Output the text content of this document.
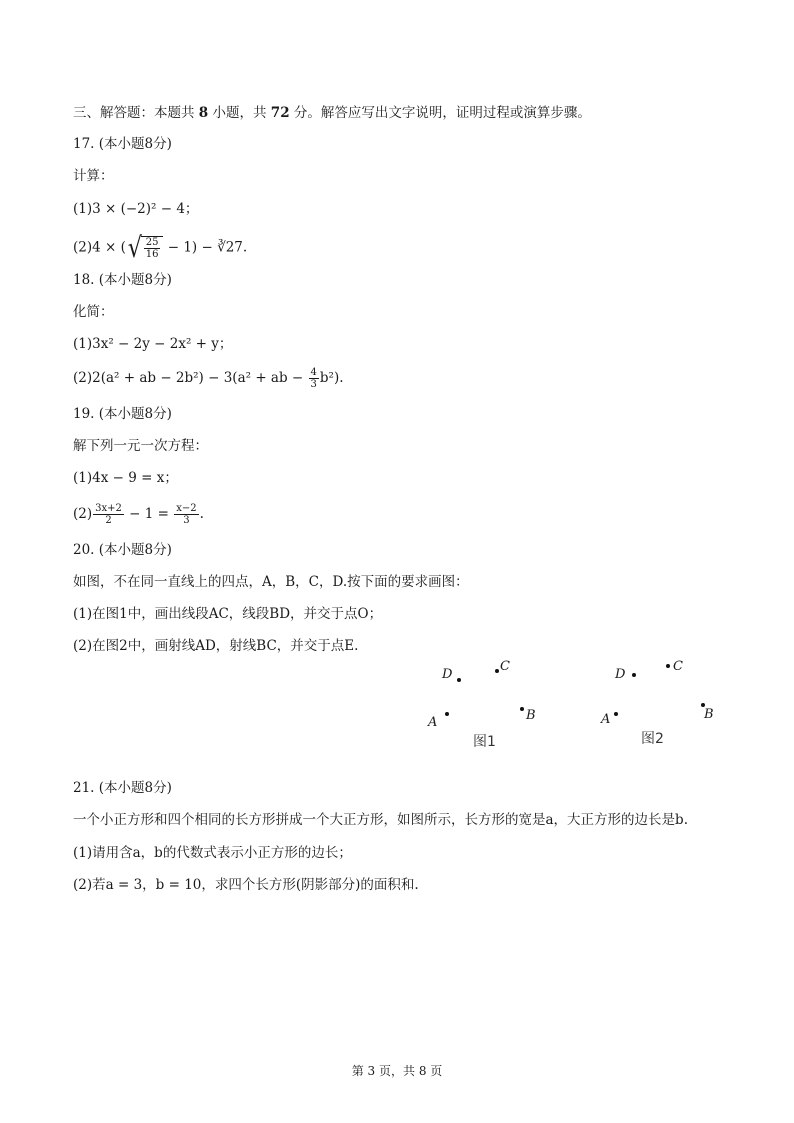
三、解答题：本题共 8 小题，共 72 分。解答应写出文字说明，证明过程或演算步骤。
17. (本小题8分)
计算：
(1)3 × (−2)² − 4；
(2)4 × (√ $\frac{25}{16} - 1$) − ∛27.
18. (本小题8分)
化简：
(1)3x² − 2y − 2x² + y；
(2)2(a² + ab − 2b²) − 3(a² + ab − $\frac{4}{3} b^2$).
19. (本小题8分)
解下列一元一次方程：
(1)4x − 9 = x；
$(2) \frac{3x+2}{2} - 1 = \frac{x-2}{3}$ .
20. (本小题8分)
如图，不在同一直线上的四点，A，B，C，D.按下面的要求画图：
(1)在图1中，画出线段AC，线段BD，并交于点O；
(2)在图2中，画射线AD，射线BC，并交于点E.
D
C
A	B
图1
D
C
A	B
图2
21. (本小题8分)
一个小正方形和四个相同的长方形拼成一个大正方形，如图所示，长方形的宽是a，大正方形的边长是b.
(1)请用含a，b的代数式表示小正方形的边长；
(2)若a = 3，b = 10，求四个长方形(阴影部分)的面积和.
第 3 页，共 8 页
